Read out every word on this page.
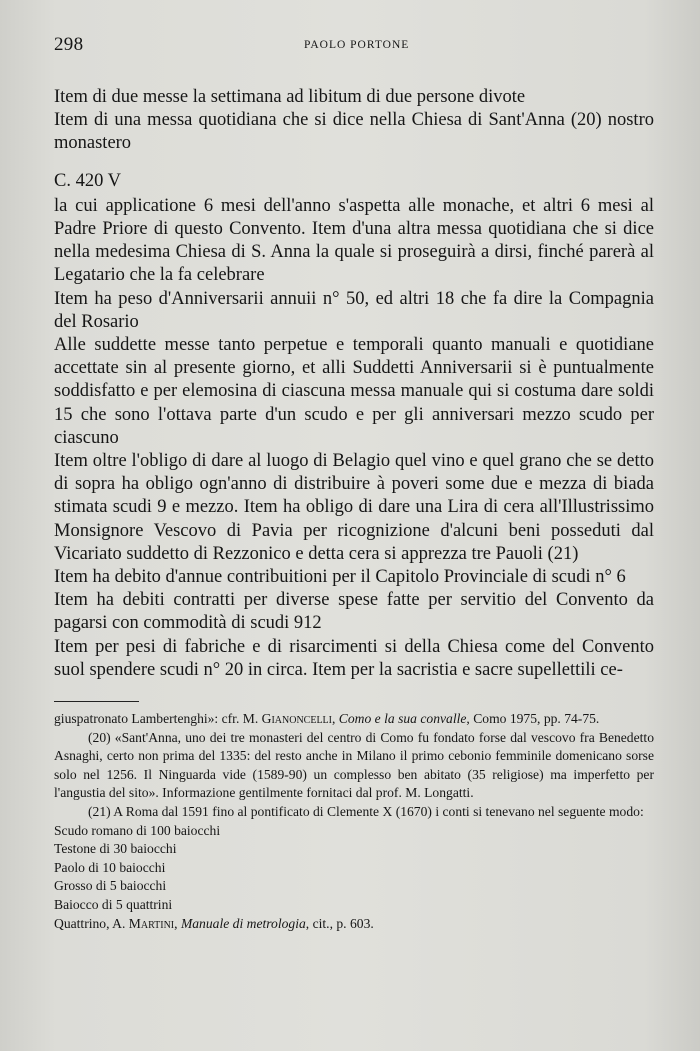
298	PAOLO PORTONE

Item di due messe la settimana ad libitum di due persone divote

Item di una messa quotidiana che si dice nella Chiesa di Sant'Anna (20) nostro monastero

C. 420 V

la cui applicatione 6 mesi dell'anno s'aspetta alle monache, et altri 6 mesi al Padre Priore di questo Convento. Item d'una altra messa quotidiana che si dice nella medesima Chiesa di S. Anna la quale si proseguirà a dirsi, finché parerà al Legatario che la fa celebrare

Item ha peso d'Anniversarii annuii n° 50, ed altri 18 che fa dire la Compagnia del Rosario

Alle suddette messe tanto perpetue e temporali quanto manuali e quotidiane accettate sin al presente giorno, et alli Suddetti Anniversarii si è puntualmente soddisfatto e per elemosina di ciascuna messa manuale qui si costuma dare soldi 15 che sono l'ottava parte d'un scudo e per gli anniversari mezzo scudo per ciascuno

Item oltre l'obligo di dare al luogo di Belagio quel vino e quel grano che se detto di sopra ha obligo ogn'anno di distribuire à poveri some due e mezza di biada stimata scudi 9 e mezzo. Item ha obligo di dare una Lira di cera all'Illustrissimo Monsignore Vescovo di Pavia per ricognizione d'alcuni beni posseduti dal Vicariato suddetto di Rezzonico e detta cera si apprezza tre Pauoli (21)

Item ha debito d'annue contribuitioni per il Capitolo Provinciale di scudi n° 6

Item ha debiti contratti per diverse spese fatte per servitio del Convento da pagarsi con commodità di scudi 912

Item per pesi di fabriche e di risarcimenti si della Chiesa come del Convento suol spendere scudi n° 20 in circa. Item per la sacristia e sacre supellettili ce-

giuspatronato Lambertenghi»: cfr. M. Gianoncelli, Como e la sua convalle, Como 1975, pp. 74-75.

(20) «Sant'Anna, uno dei tre monasteri del centro di Como fu fondato forse dal vescovo fra Benedetto Asnaghi, certo non prima del 1335: del resto anche in Milano il primo cebonio femminile domenicano sorse solo nel 1256. Il Ninguarda vide (1589-90) un complesso ben abitato (35 religiose) ma imperfetto per l'angustia del sito». Informazione gentilmente fornitaci dal prof. M. Longatti.

(21) A Roma dal 1591 fino al pontificato di Clemente X (1670) i conti si tenevano nel seguente modo:

Scudo romano di 100 baiocchi

Testone di 30 baiocchi

Paolo di 10 baiocchi

Grosso di 5 baiocchi

Baiocco di 5 quattrini

Quattrino, A. Martini, Manuale di metrologia, cit., p. 603.
